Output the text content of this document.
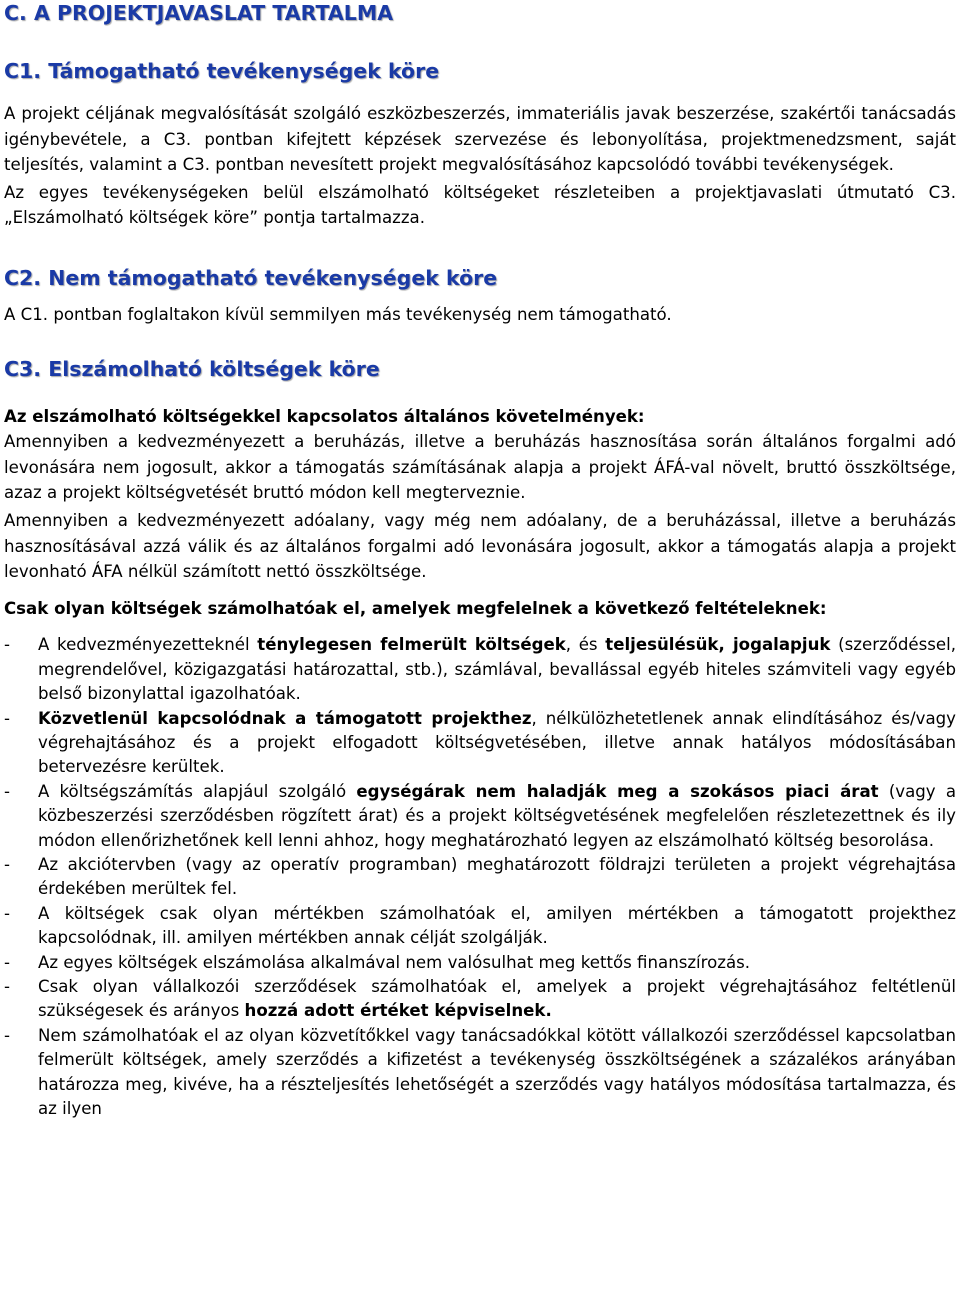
C. A PROJEKTJAVASLAT TARTALMA
C1. Támogatható tevékenységek köre

A projekt céljának megvalósítását szolgáló eszközbeszerzés, immateriális javak beszerzése, szakértői tanácsadás igénybevétele, a C3. pontban kifejtett képzések szervezése és lebonyolítása, projektmenedzsment, saját teljesítés, valamint a C3. pontban nevesített projekt megvalósításához kapcsolódó további tevékenységek.

Az egyes tevékenységeken belül elszámolható költségeket részleteiben a projektjavaslati útmutató C3. „Elszámolható költségek köre” pontja tartalmazza.

C2. Nem támogatható tevékenységek köre

A C1. pontban foglaltakon kívül semmilyen más tevékenység nem támogatható.

C3. Elszámolható költségek köre

Az elszámolható költségekkel kapcsolatos általános követelmények:

Amennyiben a kedvezményezett a beruházás, illetve a beruházás hasznosítása során általános forgalmi adó levonására nem jogosult, akkor a támogatás számításának alapja a projekt ÁFÁ-val növelt, bruttó összköltsége, azaz a projekt költségvetését bruttó módon kell megterveznie.

Amennyiben a kedvezményezett adóalany, vagy még nem adóalany, de a beruházással, illetve a beruházás hasznosításával azzá válik és az általános forgalmi adó levonására jogosult, akkor a támogatás alapja a projekt levonható ÁFA nélkül számított nettó összköltsége.

Csak olyan költségek számolhatóak el, amelyek megfelelnek a következő feltételeknek:

- A kedvezményezetteknél ténylegesen felmerült költségek, és teljesülésük, jogalapjuk (szerződéssel, megrendelővel, közigazgatási határozattal, stb.), számlával, bevallással egyéb hiteles számviteli vagy egyéb belső bizonylattal igazolhatóak.
- Közvetlenül kapcsolódnak a támogatott projekthez, nélkülözhetetlenek annak elindításához és/vagy végrehajtásához és a projekt elfogadott költségvetésében, illetve annak hatályos módosításában betervezésre kerültek.
- A költségszámítás alapjául szolgáló egységárak nem haladják meg a szokásos piaci árat (vagy a közbeszerzési szerződésben rögzített árat) és a projekt költségvetésének megfelelően részletezettnek és ily módon ellenőrizhetőnek kell lenni ahhoz, hogy meghatározható legyen az elszámolható költség besorolása.
- Az akciótervben (vagy az operatív programban) meghatározott földrajzi területen a projekt végrehajtása érdekében merültek fel.
- A költségek csak olyan mértékben számolhatóak el, amilyen mértékben a támogatott projekthez kapcsolódnak, ill. amilyen mértékben annak célját szolgálják.
- Az egyes költségek elszámolása alkalmával nem valósulhat meg kettős finanszírozás.
- Csak olyan vállalkozói szerződések számolhatóak el, amelyek a projekt végrehajtásához feltétlenül szükségesek és arányos hozzá adott értéket képviselnek.
- Nem számolhatóak el az olyan közvetítőkkel vagy tanácsadókkal kötött vállalkozói szerződéssel kapcsolatban felmerült költségek, amely szerződés a kifizetést a tevékenység összköltségének a százalékos arányában határozza meg, kivéve, ha a részteljesítés lehetőségét a szerződés vagy hatályos módosítása tartalmazza, és az ilyen
